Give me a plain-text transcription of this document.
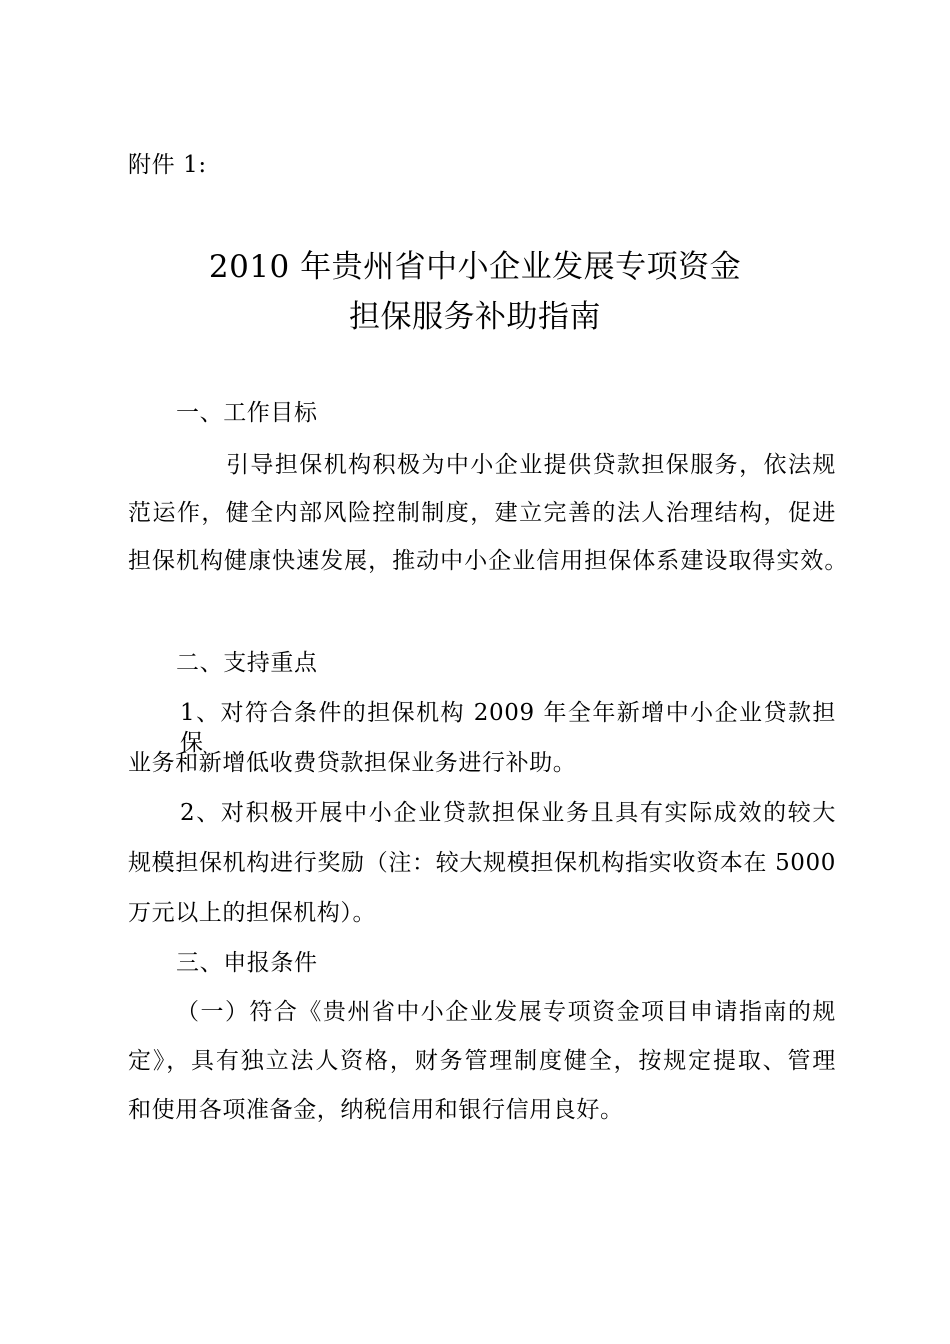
附件 1:
2010 年贵州省中小企业发展专项资金
担保服务补助指南
一、工作目标
引导担保机构积极为中小企业提供贷款担保服务，依法规
范运作，健全内部风险控制制度，建立完善的法人治理结构，促进
担保机构健康快速发展，推动中小企业信用担保体系建设取得实效。
二、支持重点
1、对符合条件的担保机构 2009 年全年新增中小企业贷款担保
业务和新增低收费贷款担保业务进行补助。
2、对积极开展中小企业贷款担保业务且具有实际成效的较大
规模担保机构进行奖励（注：较大规模担保机构指实收资本在 5000
万元以上的担保机构）。
三、申报条件
（一）符合《贵州省中小企业发展专项资金项目申请指南的规
定》，具有独立法人资格，财务管理制度健全，按规定提取、管理
和使用各项准备金，纳税信用和银行信用良好。
